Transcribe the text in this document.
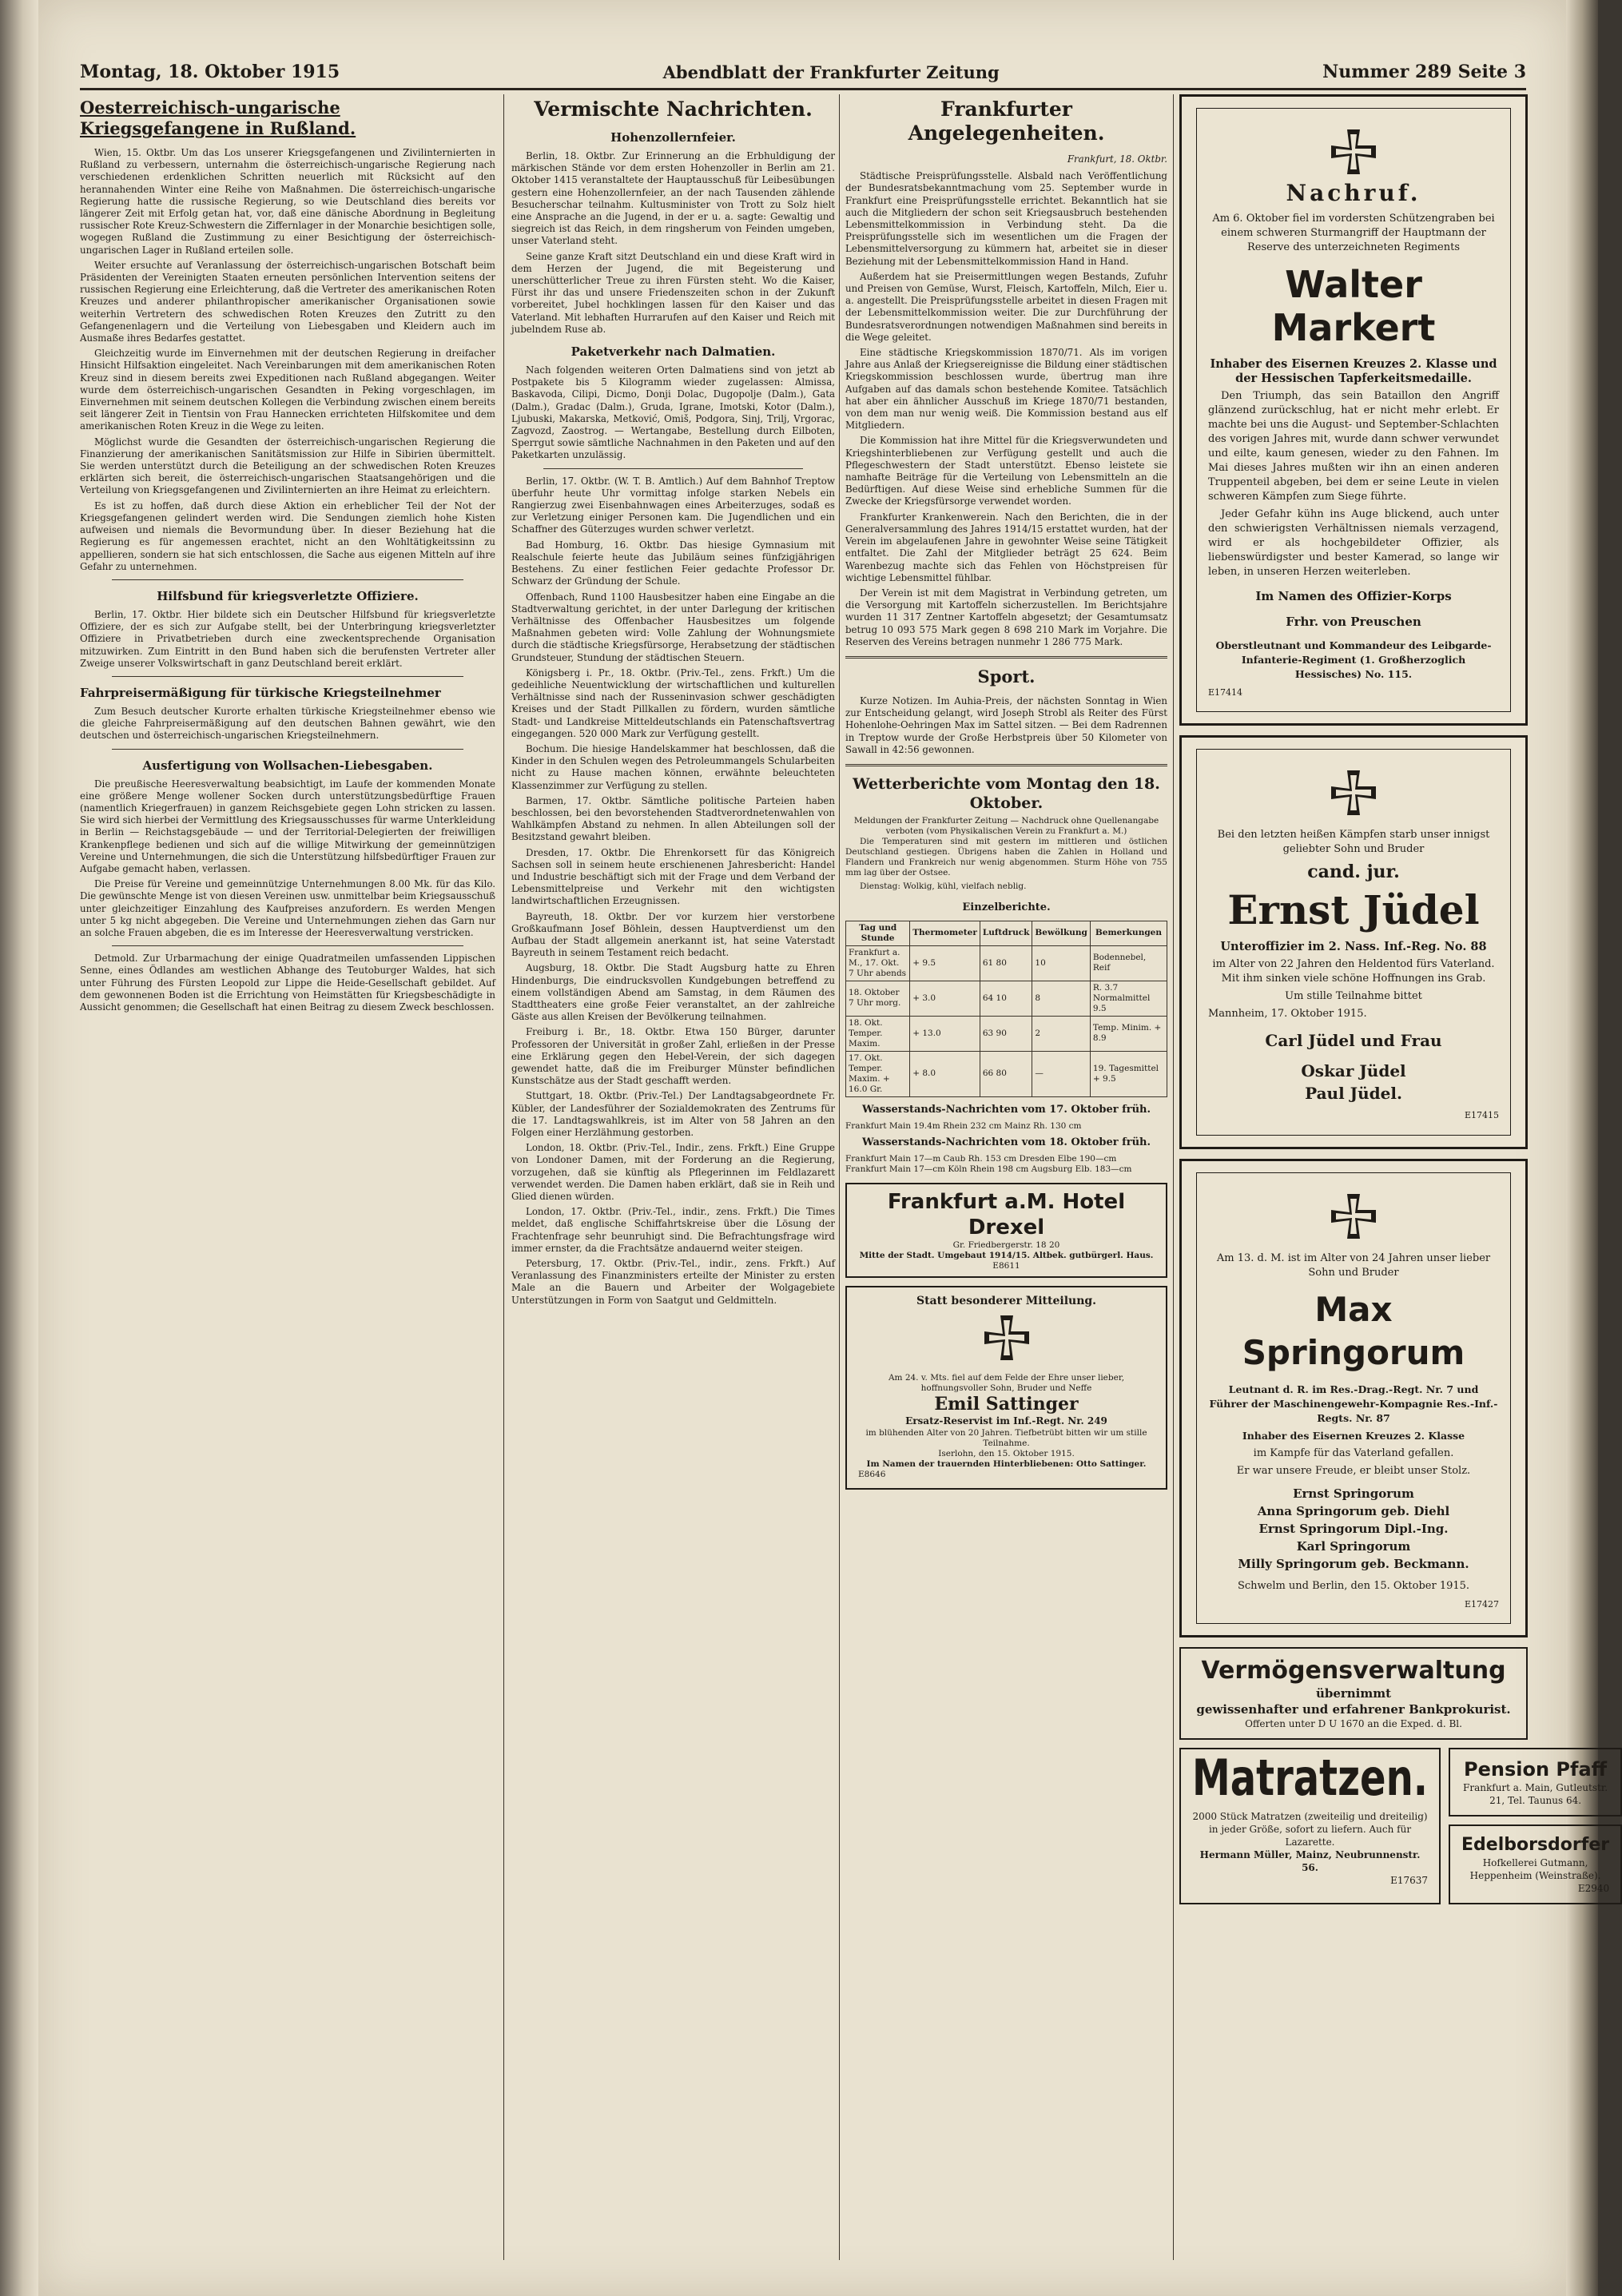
Montag, 18. Oktober 1915	Abendblatt der Frankfurter Zeitung	Nummer 289 Seite 3
Oesterreichisch-ungarische Kriegsgefangene in Rußland.

Wien, 15. Oktbr. Um das Los unserer Kriegsgefangenen und Zivilinternierten in Rußland zu verbessern, unternahm die österreichisch-ungarische Regierung nach verschiedenen erdenklichen Schritten neuerlich mit Rücksicht auf den herannahenden Winter eine Reihe von Maßnahmen. Die österreichisch-ungarische Regierung hatte die russische Regierung, so wie Deutschland dies bereits vor längerer Zeit mit Erfolg getan hat, vor, daß eine dänische Abordnung in Begleitung russischer Rote Kreuz-Schwestern die Ziffernlager in der Monarchie besichtigen solle, wogegen Rußland die Zustimmung zu einer Besichtigung der österreichisch-ungarischen Lager in Rußland erteilen solle.

Weiter ersuchte auf Veranlassung der österreichisch-ungarischen Botschaft beim Präsidenten der Vereinigten Staaten erneuten persönlichen Intervention seitens der russischen Regierung eine Erleichterung, daß die Vertreter des amerikanischen Roten Kreuzes und anderer philanthropischer amerikanischer Organisationen sowie weiterhin Vertretern des schwedischen Roten Kreuzes den Zutritt zu den Gefangenenlagern und die Verteilung von Liebesgaben und Kleidern auch im Ausmaße ihres Bedarfes gestattet.

Gleichzeitig wurde im Einvernehmen mit der deutschen Regierung in dreifacher Hinsicht Hilfsaktion eingeleitet. Nach Vereinbarungen mit dem amerikanischen Roten Kreuz sind in diesem bereits zwei Expeditionen nach Rußland abgegangen. Weiter wurde dem österreichisch-ungarischen Gesandten in Peking vorgeschlagen, im Einvernehmen mit seinem deutschen Kollegen die Verbindung zwischen einem bereits seit längerer Zeit in Tientsin von Frau Hannecken errichteten Hilfskomitee und dem amerikanischen Roten Kreuz in die Wege zu leiten.

Möglichst wurde die Gesandten der österreichisch-ungarischen Regierung die Finanzierung der amerikanischen Sanitätsmission zur Hilfe in Sibirien übermittelt. Sie werden unterstützt durch die Beteiligung an der schwedischen Roten Kreuzes erklärten sich bereit, die österreichisch-ungarischen Staatsangehörigen und die Verteilung von Kriegsgefangenen und Zivilinternierten an ihre Heimat zu erleichtern.

Es ist zu hoffen, daß durch diese Aktion ein erheblicher Teil der Not der Kriegsgefangenen gelindert werden wird. Die Sendungen ziemlich hohe Kisten aufweisen und niemals die Bevormundung über. In dieser Beziehung hat die Regierung es für angemessen erachtet, nicht an den Wohltätigkeitssinn zu appellieren, sondern sie hat sich entschlossen, die Sache aus eigenen Mitteln auf ihre Gefahr zu unternehmen.

Hilfsbund für kriegsverletzte Offiziere.

Berlin, 17. Oktbr. Hier bildete sich ein Deutscher Hilfsbund für kriegsverletzte Offiziere, der es sich zur Aufgabe stellt, bei der Unterbringung kriegsverletzter Offiziere in Privatbetrieben durch eine zweckentsprechende Organisation mitzuwirken. Zum Eintritt in den Bund haben sich die berufensten Vertreter aller Zweige unserer Volkswirtschaft in ganz Deutschland bereit erklärt.

Fahrpreisermäßigung für türkische Kriegsteilnehmer

Zum Besuch deutscher Kurorte erhalten türkische Kriegsteilnehmer ebenso wie die gleiche Fahrpreisermäßigung auf den deutschen Bahnen gewährt, wie den deutschen und österreichisch-ungarischen Kriegsteilnehmern.

Ausfertigung von Wollsachen-Liebesgaben.

Die preußische Heeresverwaltung beabsichtigt, im Laufe der kommenden Monate eine größere Menge wollener Socken durch unterstützungsbedürftige Frauen (namentlich Kriegerfrauen) in ganzem Reichsgebiete gegen Lohn stricken zu lassen. Sie wird sich hierbei der Vermittlung des Kriegsausschusses für warme Unterkleidung in Berlin — Reichstagsgebäude — und der Territorial-Delegierten der freiwilligen Krankenpflege bedienen und sich auf die willige Mitwirkung der gemeinnützigen Vereine und Unternehmungen, die sich die Unterstützung hilfsbedürftiger Frauen zur Aufgabe gemacht haben, verlassen.

Die Preise für Vereine und gemeinnützige Unternehmungen 8.00 Mk. für das Kilo. Die gewünschte Menge ist von diesen Vereinen usw. unmittelbar beim Kriegsausschuß unter gleichzeitiger Einzahlung des Kaufpreises anzufordern. Es werden Mengen unter 5 kg nicht abgegeben. Die Vereine und Unternehmungen ziehen das Garn nur an solche Frauen abgeben, die es im Interesse der Heeresverwaltung verstricken.

Detmold. Zur Urbarmachung der einige Quadratmeilen umfassenden Lippischen Senne, eines Ödlandes am westlichen Abhange des Teutoburger Waldes, hat sich unter Führung des Fürsten Leopold zur Lippe die Heide-Gesellschaft gebildet. Auf dem gewonnenen Boden ist die Errichtung von Heimstätten für Kriegsbeschädigte in Aussicht genommen; die Gesellschaft hat einen Beitrag zu diesem Zweck beschlossen.

Vermischte Nachrichten.
Hohenzollernfeier.

Berlin, 18. Oktbr. Zur Erinnerung an die Erbhuldigung der märkischen Stände vor dem ersten Hohenzoller in Berlin am 21. Oktober 1415 veranstaltete der Hauptausschuß für Leibesübungen gestern eine Hohenzollernfeier, an der nach Tausenden zählende Besucherschar teilnahm. Kultusminister von Trott zu Solz hielt eine Ansprache an die Jugend, in der er u. a. sagte: Gewaltig und siegreich ist das Reich, in dem ringsherum von Feinden umgeben, unser Vaterland steht.

Seine ganze Kraft sitzt Deutschland ein und diese Kraft wird in dem Herzen der Jugend, die mit Begeisterung und unerschütterlicher Treue zu ihren Fürsten steht. Wo die Kaiser, Fürst ihr das und unsere Friedenszeiten schon in der Zukunft vorbereitet, Jubel hochklingen lassen für den Kaiser und das Vaterland. Mit lebhaften Hurrarufen auf den Kaiser und Reich mit jubelndem Ruse ab.

Paketverkehr nach Dalmatien.

Nach folgenden weiteren Orten Dalmatiens sind von jetzt ab Postpakete bis 5 Kilogramm wieder zugelassen: Almissa, Baskavoda, Cilipi, Dicmo, Donji Dolac, Dugopolje (Dalm.), Gata (Dalm.), Gradac (Dalm.), Gruda, Igrane, Imotski, Kotor (Dalm.), Ljubuski, Makarska, Metković, Omiš, Podgora, Sinj, Trilj, Vrgorac, Zagvozd, Zaostrog. — Wertangabe, Bestellung durch Eilboten, Sperrgut sowie sämtliche Nachnahmen in den Paketen und auf den Paketkarten unzulässig.

Berlin, 17. Oktbr. (W. T. B. Amtlich.) Auf dem Bahnhof Treptow überfuhr heute Uhr vormittag infolge starken Nebels ein Rangierzug zwei Eisenbahnwagen eines Arbeiterzuges, sodaß es zur Verletzung einiger Personen kam. Die Jugendlichen und ein Schaffner des Güterzuges wurden schwer verletzt.

Bad Homburg, 16. Oktbr. Das hiesige Gymnasium mit Realschule feierte heute das Jubiläum seines fünfzigjährigen Bestehens. Zu einer festlichen Feier gedachte Professor Dr. Schwarz der Gründung der Schule.

Offenbach, Rund 1100 Hausbesitzer haben eine Eingabe an die Stadtverwaltung gerichtet, in der unter Darlegung der kritischen Verhältnisse des Offenbacher Hausbesitzes um folgende Maßnahmen gebeten wird: Volle Zahlung der Wohnungsmiete durch die städtische Kriegsfürsorge, Herabsetzung der städtischen Grundsteuer, Stundung der städtischen Steuern.

Königsberg i. Pr., 18. Oktbr. (Priv.-Tel., zens. Frkft.) Um die gedeihliche Neuentwicklung der wirtschaftlichen und kulturellen Verhältnisse sind nach der Russeninvasion schwer geschädigten Kreises und der Stadt Pillkallen zu fördern, wurden sämtliche Stadt- und Landkreise Mitteldeutschlands ein Patenschaftsvertrag eingegangen. 520 000 Mark zur Verfügung gestellt.

Bochum. Die hiesige Handelskammer hat beschlossen, daß die Kinder in den Schulen wegen des Petroleummangels Schularbeiten nicht zu Hause machen können, erwähnte beleuchteten Klassenzimmer zur Verfügung zu stellen.

Barmen, 17. Oktbr. Sämtliche politische Parteien haben beschlossen, bei den bevorstehenden Stadtverordnetenwahlen von Wahlkämpfen Abstand zu nehmen. In allen Abteilungen soll der Besitzstand gewahrt bleiben.

Dresden, 17. Oktbr. Die Ehrenkorsett für das Königreich Sachsen soll in seinem heute erschienenen Jahresbericht: Handel und Industrie beschäftigt sich mit der Frage und dem Verband der Lebensmittelpreise und Verkehr mit den wichtigsten landwirtschaftlichen Erzeugnissen.

Bayreuth, 18. Oktbr. Der vor kurzem hier verstorbene Großkaufmann Josef Böhlein, dessen Hauptverdienst um den Aufbau der Stadt allgemein anerkannt ist, hat seine Vaterstadt Bayreuth in seinem Testament reich bedacht.

Augsburg, 18. Oktbr. Die Stadt Augsburg hatte zu Ehren Hindenburgs, Die eindrucksvollen Kundgebungen betreffend zu einem vollständigen Abend am Samstag, in dem Räumen des Stadttheaters eine große Feier veranstaltet, an der zahlreiche Gäste aus allen Kreisen der Bevölkerung teilnahmen.

Freiburg i. Br., 18. Oktbr. Etwa 150 Bürger, darunter Professoren der Universität in großer Zahl, erließen in der Presse eine Erklärung gegen den Hebel-Verein, der sich dagegen gewendet hatte, daß die im Freiburger Münster befindlichen Kunstschätze aus der Stadt geschafft werden.

Stuttgart, 18. Oktbr. (Priv.-Tel.) Der Landtagsabgeordnete Fr. Kübler, der Landesführer der Sozialdemokraten des Zentrums für die 17. Landtagswahlkreis, ist im Alter von 58 Jahren an den Folgen einer Herzlähmung gestorben.

London, 18. Oktbr. (Priv.-Tel., Indir., zens. Frkft.) Eine Gruppe von Londoner Damen, mit der Forderung an die Regierung, vorzugehen, daß sie künftig als Pflegerinnen im Feldlazarett verwendet werden. Die Damen haben erklärt, daß sie in Reih und Glied dienen würden.

London, 17. Oktbr. (Priv.-Tel., indir., zens. Frkft.) Die Times meldet, daß englische Schiffahrtskreise über die Lösung der Frachtenfrage sehr beunruhigt sind. Die Befrachtungsfrage wird immer ernster, da die Frachtsätze andauernd weiter steigen.

Petersburg, 17. Oktbr. (Priv.-Tel., indir., zens. Frkft.) Auf Veranlassung des Finanzministers erteilte der Minister zu ersten Male an die Bauern und Arbeiter der Wolgagebiete Unterstützungen in Form von Saatgut und Geldmitteln.

Frankfurter Angelegenheiten.
Frankfurt, 18. Oktbr.

Städtische Preisprüfungsstelle. Alsbald nach Veröffentlichung der Bundesratsbekanntmachung vom 25. September wurde in Frankfurt eine Preisprüfungsstelle errichtet. Bekanntlich hat sie auch die Mitgliedern der schon seit Kriegsausbruch bestehenden Lebensmittelkommission in Verbindung steht. Da die Preisprüfungsstelle sich im wesentlichen um die Fragen der Lebensmittelversorgung zu kümmern hat, arbeitet sie in dieser Beziehung mit der Lebensmittelkommission Hand in Hand.

Außerdem hat sie Preisermittlungen wegen Bestands, Zufuhr und Preisen von Gemüse, Wurst, Fleisch, Kartoffeln, Milch, Eier u. a. angestellt. Die Preisprüfungsstelle arbeitet in diesen Fragen mit der Lebensmittelkommission weiter. Die zur Durchführung der Bundesratsverordnungen notwendigen Maßnahmen sind bereits in die Wege geleitet.

Eine städtische Kriegskommission 1870/71. Als im vorigen Jahre aus Anlaß der Kriegsereignisse die Bildung einer städtischen Kriegskommission beschlossen wurde, übertrug man ihre Aufgaben auf das damals schon bestehende Komitee. Tatsächlich hat aber ein ähnlicher Ausschuß im Kriege 1870/71 bestanden, von dem man nur wenig weiß. Die Kommission bestand aus elf Mitgliedern.

Die Kommission hat ihre Mittel für die Kriegsverwundeten und Kriegshinterbliebenen zur Verfügung gestellt und auch die Pflegeschwestern der Stadt unterstützt. Ebenso leistete sie namhafte Beiträge für die Verteilung von Lebensmitteln an die Bedürftigen. Auf diese Weise sind erhebliche Summen für die Zwecke der Kriegsfürsorge verwendet worden.

Frankfurter Krankenwerein. Nach den Berichten, die in der Generalversammlung des Jahres 1914/15 erstattet wurden, hat der Verein im abgelaufenen Jahre in gewohnter Weise seine Tätigkeit entfaltet. Die Zahl der Mitglieder beträgt 25 624. Beim Warenbezug machte sich das Fehlen von Höchstpreisen für wichtige Lebensmittel fühlbar.

Der Verein ist mit dem Magistrat in Verbindung getreten, um die Versorgung mit Kartoffeln sicherzustellen. Im Berichtsjahre wurden 11 317 Zentner Kartoffeln abgesetzt; der Gesamtumsatz betrug 10 093 575 Mark gegen 8 698 210 Mark im Vorjahre. Die Reserven des Vereins betragen nunmehr 1 286 775 Mark.

Sport.

Kurze Notizen. Im Auhia-Preis, der nächsten Sonntag in Wien zur Entscheidung gelangt, wird Joseph Strobl als Reiter des Fürst Hohenlohe-Oehringen Max im Sattel sitzen. — Bei dem Radrennen in Treptow wurde der Große Herbstpreis über 50 Kilometer von Sawall in 42:56 gewonnen.

Wetterberichte vom Montag den 18. Oktober.
Meldungen der Frankfurter Zeitung — Nachdruck ohne Quellenangabe verboten (vom Physikalischen Verein zu Frankfurt a. M.)

Die Temperaturen sind mit gestern im mittleren und östlichen Deutschland gestiegen. Übrigens haben die Zahlen in Holland und Flandern und Frankreich nur wenig abgenommen. Sturm Höhe von 755 mm lag über der Ostsee.

Dienstag: Wolkig, kühl, vielfach neblig.

Einzelberichte.
Tag und Stunde	Thermometer	Luftdruck	Bewölkung	Bemerkungen
Frankfurt a. M., 17. Okt. 7 Uhr abends	+ 9.5	61 80	10	Bodennebel, Reif
18. Oktober 7 Uhr morg.	+ 3.0	64 10	8	R. 3.7 Normalmittel 9.5
18. Okt. Temper. Maxim.	+ 13.0	63 90	2	Temp. Minim. + 8.9
17. Okt. Temper. Maxim. + 16.0 Gr.	+ 8.0	66 80	—	19. Tagesmittel + 9.5
Wasserstands-Nachrichten vom 17. Oktober früh.
Frankfurt Main 19.4m Rhein 232 cm Mainz Rh. 130 cm
Wasserstands-Nachrichten vom 18. Oktober früh.
Frankfurt Main 17—m Caub Rh. 153 cm Dresden Elbe 190—cm
Frankfurt Main 17—cm Köln Rhein 198 cm Augsburg Elb. 183—cm
Frankfurt a.M. Hotel Drexel
Gr. Friedbergerstr. 18 20
Mitte der Stadt. Umgebaut 1914/15. Altbek. gutbürgerl. Haus.
E8611
Statt besonderer Mitteilung.
Am 24. v. Mts. fiel auf dem Felde der Ehre unser lieber, hoffnungsvoller Sohn, Bruder und Neffe
Emil Sattinger
Ersatz-Reservist im Inf.-Regt. Nr. 249
im blühenden Alter von 20 Jahren. Tiefbetrübt bitten wir um stille Teilnahme.
Iserlohn, den 15. Oktober 1915.
Im Namen der trauernden Hinterbliebenen: Otto Sattinger.
E8646
Nachruf.
Am 6. Oktober fiel im vordersten Schützengraben bei einem schweren Sturmangriff der Hauptmann der Reserve des unterzeichneten Regiments
Walter Markert
Inhaber des Eisernen Kreuzes 2. Klasse und der Hessischen Tapferkeitsmedaille.
Den Triumph, das sein Bataillon den Angriff glänzend zurückschlug, hat er nicht mehr erlebt. Er machte bei uns die August- und September-Schlachten des vorigen Jahres mit, wurde dann schwer verwundet und eilte, kaum genesen, wieder zu den Fahnen. Im Mai dieses Jahres mußten wir ihn an einen anderen Truppenteil abgeben, bei dem er seine Leute in vielen schweren Kämpfen zum Siege führte.
Jeder Gefahr kühn ins Auge blickend, auch unter den schwierigsten Verhältnissen niemals verzagend, wird er als hochgebildeter Offizier, als liebenswürdigster und bester Kamerad, so lange wir leben, in unseren Herzen weiterleben.
Im Namen des Offizier-Korps
Frhr. von Preuschen
Oberstleutnant und Kommandeur des Leibgarde-Infanterie-Regiment (1. Großherzoglich Hessisches) No. 115.
E17414
Bei den letzten heißen Kämpfen starb unser innigst geliebter Sohn und Bruder
cand. jur.
Ernst Jüdel
Unteroffizier im 2. Nass. Inf.-Reg. No. 88
im Alter von 22 Jahren den Heldentod fürs Vaterland. Mit ihm sinken viele schöne Hoffnungen ins Grab.
Um stille Teilnahme bittet
Mannheim, 17. Oktober 1915.
Carl Jüdel und Frau
Oskar Jüdel
Paul Jüdel.
E17415
Am 13. d. M. ist im Alter von 24 Jahren unser lieber Sohn und Bruder
Max Springorum
Leutnant d. R. im Res.-Drag.-Regt. Nr. 7 und Führer der Maschinengewehr-Kompagnie Res.-Inf.-Regts. Nr. 87
Inhaber des Eisernen Kreuzes 2. Klasse
im Kampfe für das Vaterland gefallen.
Er war unsere Freude, er bleibt unser Stolz.
Ernst Springorum
Anna Springorum geb. Diehl
Ernst Springorum Dipl.-Ing.
Karl Springorum
Milly Springorum geb. Beckmann.
Schwelm und Berlin, den 15. Oktober 1915.
E17427
Vermögensverwaltung
übernimmt
gewissenhafter und erfahrener Bankprokurist.
Offerten unter D U 1670 an die Exped. d. Bl.
Matratzen.
2000 Stück Matratzen (zweiteilig und dreiteilig) in jeder Größe, sofort zu liefern. Auch für Lazarette.
Hermann Müller, Mainz, Neubrunnenstr. 56.
E17637
Pension Pfaff
Frankfurt a. Main, Gutleutstr. 21, Tel. Taunus 64.
Edelborsdorfer
Hofkellerei Gutmann, Heppenheim (Weinstraße).
E2940
